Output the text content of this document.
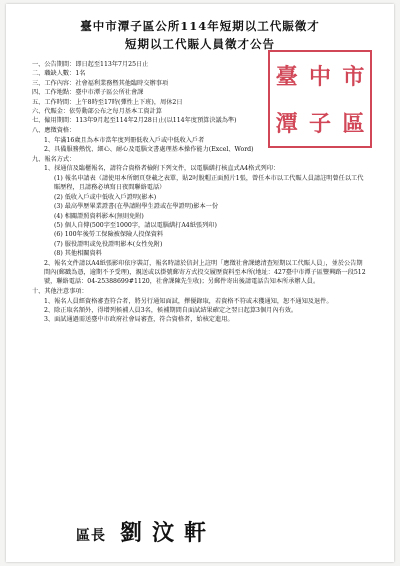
臺中市潭子區公所114年短期以工代賑徵才
短期以工代賑人員徵才公告
臺 中 市
潭 子 區
一、公告期間： 即日起至113年7月25日止
二、職缺人數： 1名
三、工作內容： 社會福利業務暨其他臨時交辦事項
四、工作地點： 臺中市潭子區公所社會課
五、工作時間： 上午8時至17時(彈性上下班)，周休2日
六、代賑金： 依勞動部公布之每月基本工資計算
七、僱用期間： 113年9月起至114年2月28日止(以114年度預算決議為準)
八、應徵資格：
1、年滿16歲且為本市當年度列冊低收入戶或中低收入戶者
2、具備服務熱忱、細心、耐心及電腦文書處理基本操作能力(Excel、Word)
九、報名方式：
1、採通信及臨櫃報名，請符合資格者檢附下列文件，以電腦繕打核直式A4格式列印：
(1) 報名申請表（請使用本所網頁登載之表單，貼2吋脫帽正面照片1張，曾任本市以工代賑人員請註明曾任以工代賑歷程，且請務必填寫日夜間聯絡電話）
(2) 低收入戶或中低收入戶證明(影本)
(3) 最高學歷畢業證書(在學請附學生證或在學證明)影本一份
(4) 相關證照資料影本(無則免附)
(5) 個人自傳(500字至1000字，請以電腦繕打A4紙張列印)
(6) 100年後勞工保險被保險人投保資料
(7) 服役證明或免役證明影本(女性免附)
(8) 其他相關資料
2、報名文件請以A4紙張影印依序裝訂，報名時請於信封上註明「應徵社會課總清查短期以工代賑人員」，並於公告期間內(郵戳為憑，逾期不予受理)，親送或以掛號郵寄方式投交履歷資料至本所(地址：427臺中市潭子區豐興路一段512號，聯絡電話：04-25388699#1120，社會課陳先生收)；另郵件寄出後請電話告知本所承辦人員。
十、其他注意事項：
1、報名人員經資格審查符合者，將另行通知面試，擇優錄取，若資格不符或未獲通知，恕不通知及退件。
2、除正取名額外，得增列候補人員3名，候補期間自面試結果確定之翌日起算3個月內有效。
3、面試通過需送臺中市政府社會局審查，符合資格者，始核定進用。
區長 劉汶軒
